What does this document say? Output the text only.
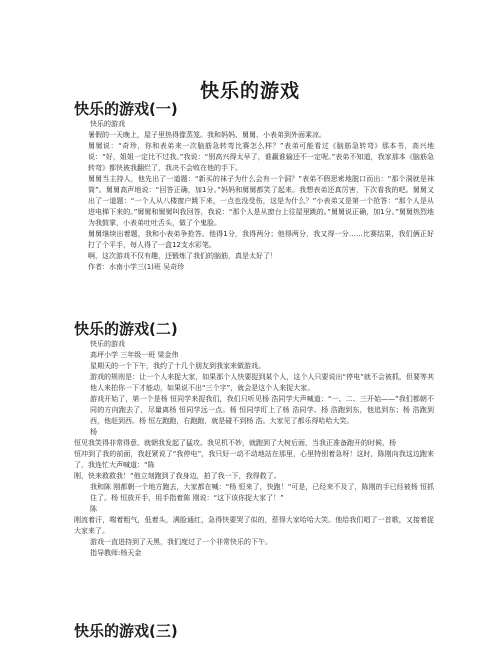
快乐的游戏

快乐的游戏(一)

快乐的游戏

暑假的一天晚上，屋子里热得像蒸笼。我和妈妈、舅舅、小表弟到外面乘凉。

舅舅说：“奇珍，你和表弟来一次脑筋急转弯比赛怎么样？”表弟可能看过《脑筋急转弯》那本书，高兴地说：“好，姐姐一定比不过我。”我说：“别高兴得太早了，谁赢谁输还不一定呢。”表弟不知道，我家那本《脑筋急转弯》都快被我翻烂了，我决不会败在他的手下。

舅舅当主持人，他先出了一道题：“新买的袜子为什么会有一个洞？”表弟不假思索地脱口而出：“那个洞就是袜筒”。舅舅高声地说：“回答正确，加1分。”妈妈和舅舅都笑了起来。我想表弟还真厉害，下次看我的吧。舅舅又出了一道题：“一个人从八楼窗户跳下来，一点也没受伤，这是为什么？”小表弟又是第一个抢答：“那个人是从进电梯下来的。”舅舅和舅舅叫我回答，我说：“那个人是从窗台上往屋里跳的。”舅舅说正确，加1分。”舅舅热烈地为我鼓掌，小表弟吐吐舌头，做了个鬼脸。

舅舅继续出着题，我和小表弟争抢答。他得1分，我得两分；他得两分，我又得一分……比赛结果，我们俩正好打了个平手，每人得了一盒12支水彩笔。

啊，这次游戏不仅有趣，还锻炼了我们的脑筋，真是太好了！

作者：水南小学三(1)班 吴奇珍

快乐的游戏(二)

快乐的游戏

高坪小学 三年级一班 梁金伟

星期天的一个下午，我约了十几个朋友到我家来做游戏。

游戏的规则是：让一个人来捉大家，如果那个人快要捉到某个人，这个人只要说出“停电”就不会被抓，但要等其他人来拍你一下才能动，如果说不出“三个字”，就会是这个人来捉大家。

游戏开始了，第一个是杨 恒同学来捉我们，我们只听见杨 浩同学大声喊道：“一、二、三开始——”我们都朝不同的方向跑去了，尽量离杨 恒同学远一点。杨 恒同学盯上了杨 浩同学。杨 浩跑到东，他追到东；杨 浩跑到西，他赶到西。杨 恒左跑跑，右跑跑，就是碰不到杨 浩。大家见了都乐得哈哈大笑。

杨

恒见我笑得非常得意，就朝我发起了猛攻。我见机不妙，就跑到了大树后面，当我正准备跑开的时候，杨

恒冲到了我的前面，我赶紧说了“我停电”，我只好一动不动地站在那里，心里特别着急呀！这时，陈刚向我这边跑来了，我连忙大声喊道：“陈

刚，快来救救我！”他立刻跑到了我身边，拍了我一下，我得救了。

我和陈 刚都朝一个地方跑去，大家都在喊：“杨 恒来了，快跑！”可是，已经来不及了，陈刚的手已经被杨 恒抓住了。杨 恒放开手，用手指着陈 刚说：“这下该你捉大家了！”

陈

刚流着汗，喘着粗气，低着头，满脸通红，急得快要哭了似的，惹得大家哈哈大笑。他给我们唱了一首歌，又接着捉大家来了。

游戏一直进持到了天黑，我们度过了一个非常快乐的下午。

指导教师:杨天金

快乐的游戏(三)
